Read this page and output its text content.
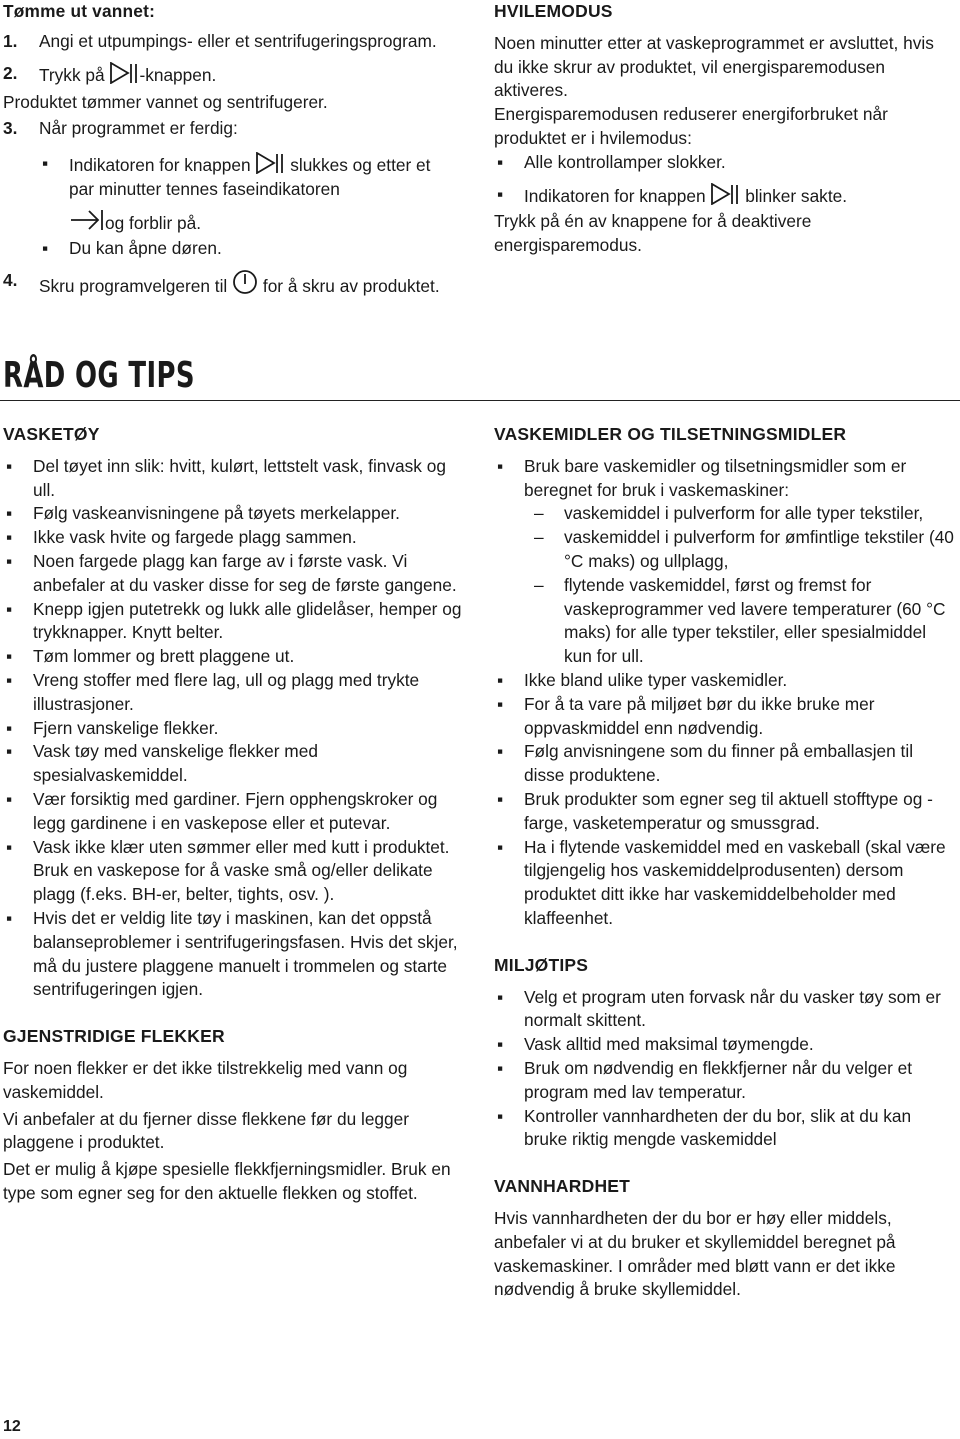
Tømme ut vannet:

1.	Angi et utpumpings- eller et sentrifugeringsprogram.

2.	Trykk på -knappen.

Produktet tømmer vannet og sentrifugerer.

3.	Når programmet er ferdig:

▪ Indikatoren for knappen slukkes og etter et par minutter tennes faseindikatoren
og forblir på.
▪ Du kan åpne døren.

4.	Skru programvelgeren til for å skru av produktet.

HVILEMODUS

Noen minutter etter at vaskeprogrammet er avsluttet, hvis du ikke skrur av produktet, vil energisparemodusen aktiveres.

Energisparemodusen reduserer energiforbruket når produktet er i hvilemodus:

▪ Alle kontrollamper slokker.
▪ Indikatoren for knappen blinker sakte.

Trykk på én av knappene for å deaktivere energisparemodus.

RÅD OG TIPS

VASKETØY

▪ Del tøyet inn slik: hvitt, kulørt, lettstelt vask, finvask og ull.
▪ Følg vaskeanvisningene på tøyets merkelapper.
▪ Ikke vask hvite og fargede plagg sammen.
▪ Noen fargede plagg kan farge av i første vask. Vi anbefaler at du vasker disse for seg de første gangene.
▪ Knepp igjen putetrekk og lukk alle glidelåser, hemper og trykknapper. Knytt belter.
▪ Tøm lommer og brett plaggene ut.
▪ Vreng stoffer med flere lag, ull og plagg med trykte illustrasjoner.
▪ Fjern vanskelige flekker.
▪ Vask tøy med vanskelige flekker med spesialvaskemiddel.
▪ Vær forsiktig med gardiner. Fjern opphengskroker og legg gardinene i en vaskepose eller et putevar.
▪ Vask ikke klær uten sømmer eller med kutt i produktet. Bruk en vaskepose for å vaske små og/eller delikate plagg (f.eks. BH-er, belter, tights, osv. ).
▪ Hvis det er veldig lite tøy i maskinen, kan det oppstå balanseproblemer i sentrifugeringsfasen. Hvis det skjer, må du justere plaggene manuelt i trommelen og starte sentrifugeringen igjen.

GJENSTRIDIGE FLEKKER

For noen flekker er det ikke tilstrekkelig med vann og vaskemiddel.

Vi anbefaler at du fjerner disse flekkene før du legger plaggene i produktet.

Det er mulig å kjøpe spesielle flekkfjerningsmidler. Bruk en type som egner seg for den aktuelle flekken og stoffet.

VASKEMIDLER OG TILSETNINGSMIDLER

▪ Bruk bare vaskemidler og tilsetningsmidler som er beregnet for bruk i vaskemaskiner:
– vaskemiddel i pulverform for alle typer tekstiler,
– vaskemiddel i pulverform for ømfintlige tekstiler (40 °C maks) og ullplagg,
– flytende vaskemiddel, først og fremst for vaskeprogrammer ved lavere temperaturer (60 °C maks) for alle typer tekstiler, eller spesialmiddel kun for ull.
▪ Ikke bland ulike typer vaskemidler.
▪ For å ta vare på miljøet bør du ikke bruke mer oppvaskmiddel enn nødvendig.
▪ Følg anvisningene som du finner på emballasjen til disse produktene.
▪ Bruk produkter som egner seg til aktuell stofftype og -farge, vasketemperatur og smussgrad.
▪ Ha i flytende vaskemiddel med en vaskeball (skal være tilgjengelig hos vaskemiddelprodusenten) dersom produktet ditt ikke har vaskemiddelbeholder med klaffeenhet.

MILJØTIPS

▪ Velg et program uten forvask når du vasker tøy som er normalt skittent.
▪ Vask alltid med maksimal tøymengde.
▪ Bruk om nødvendig en flekkfjerner når du velger et program med lav temperatur.
▪ Kontroller vannhardheten der du bor, slik at du kan bruke riktig mengde vaskemiddel

VANNHARDHET

Hvis vannhardheten der du bor er høy eller middels, anbefaler vi at du bruker et skyllemiddel beregnet på vaskemaskiner. I områder med bløtt vann er det ikke nødvendig å bruke skyllemiddel.

12
